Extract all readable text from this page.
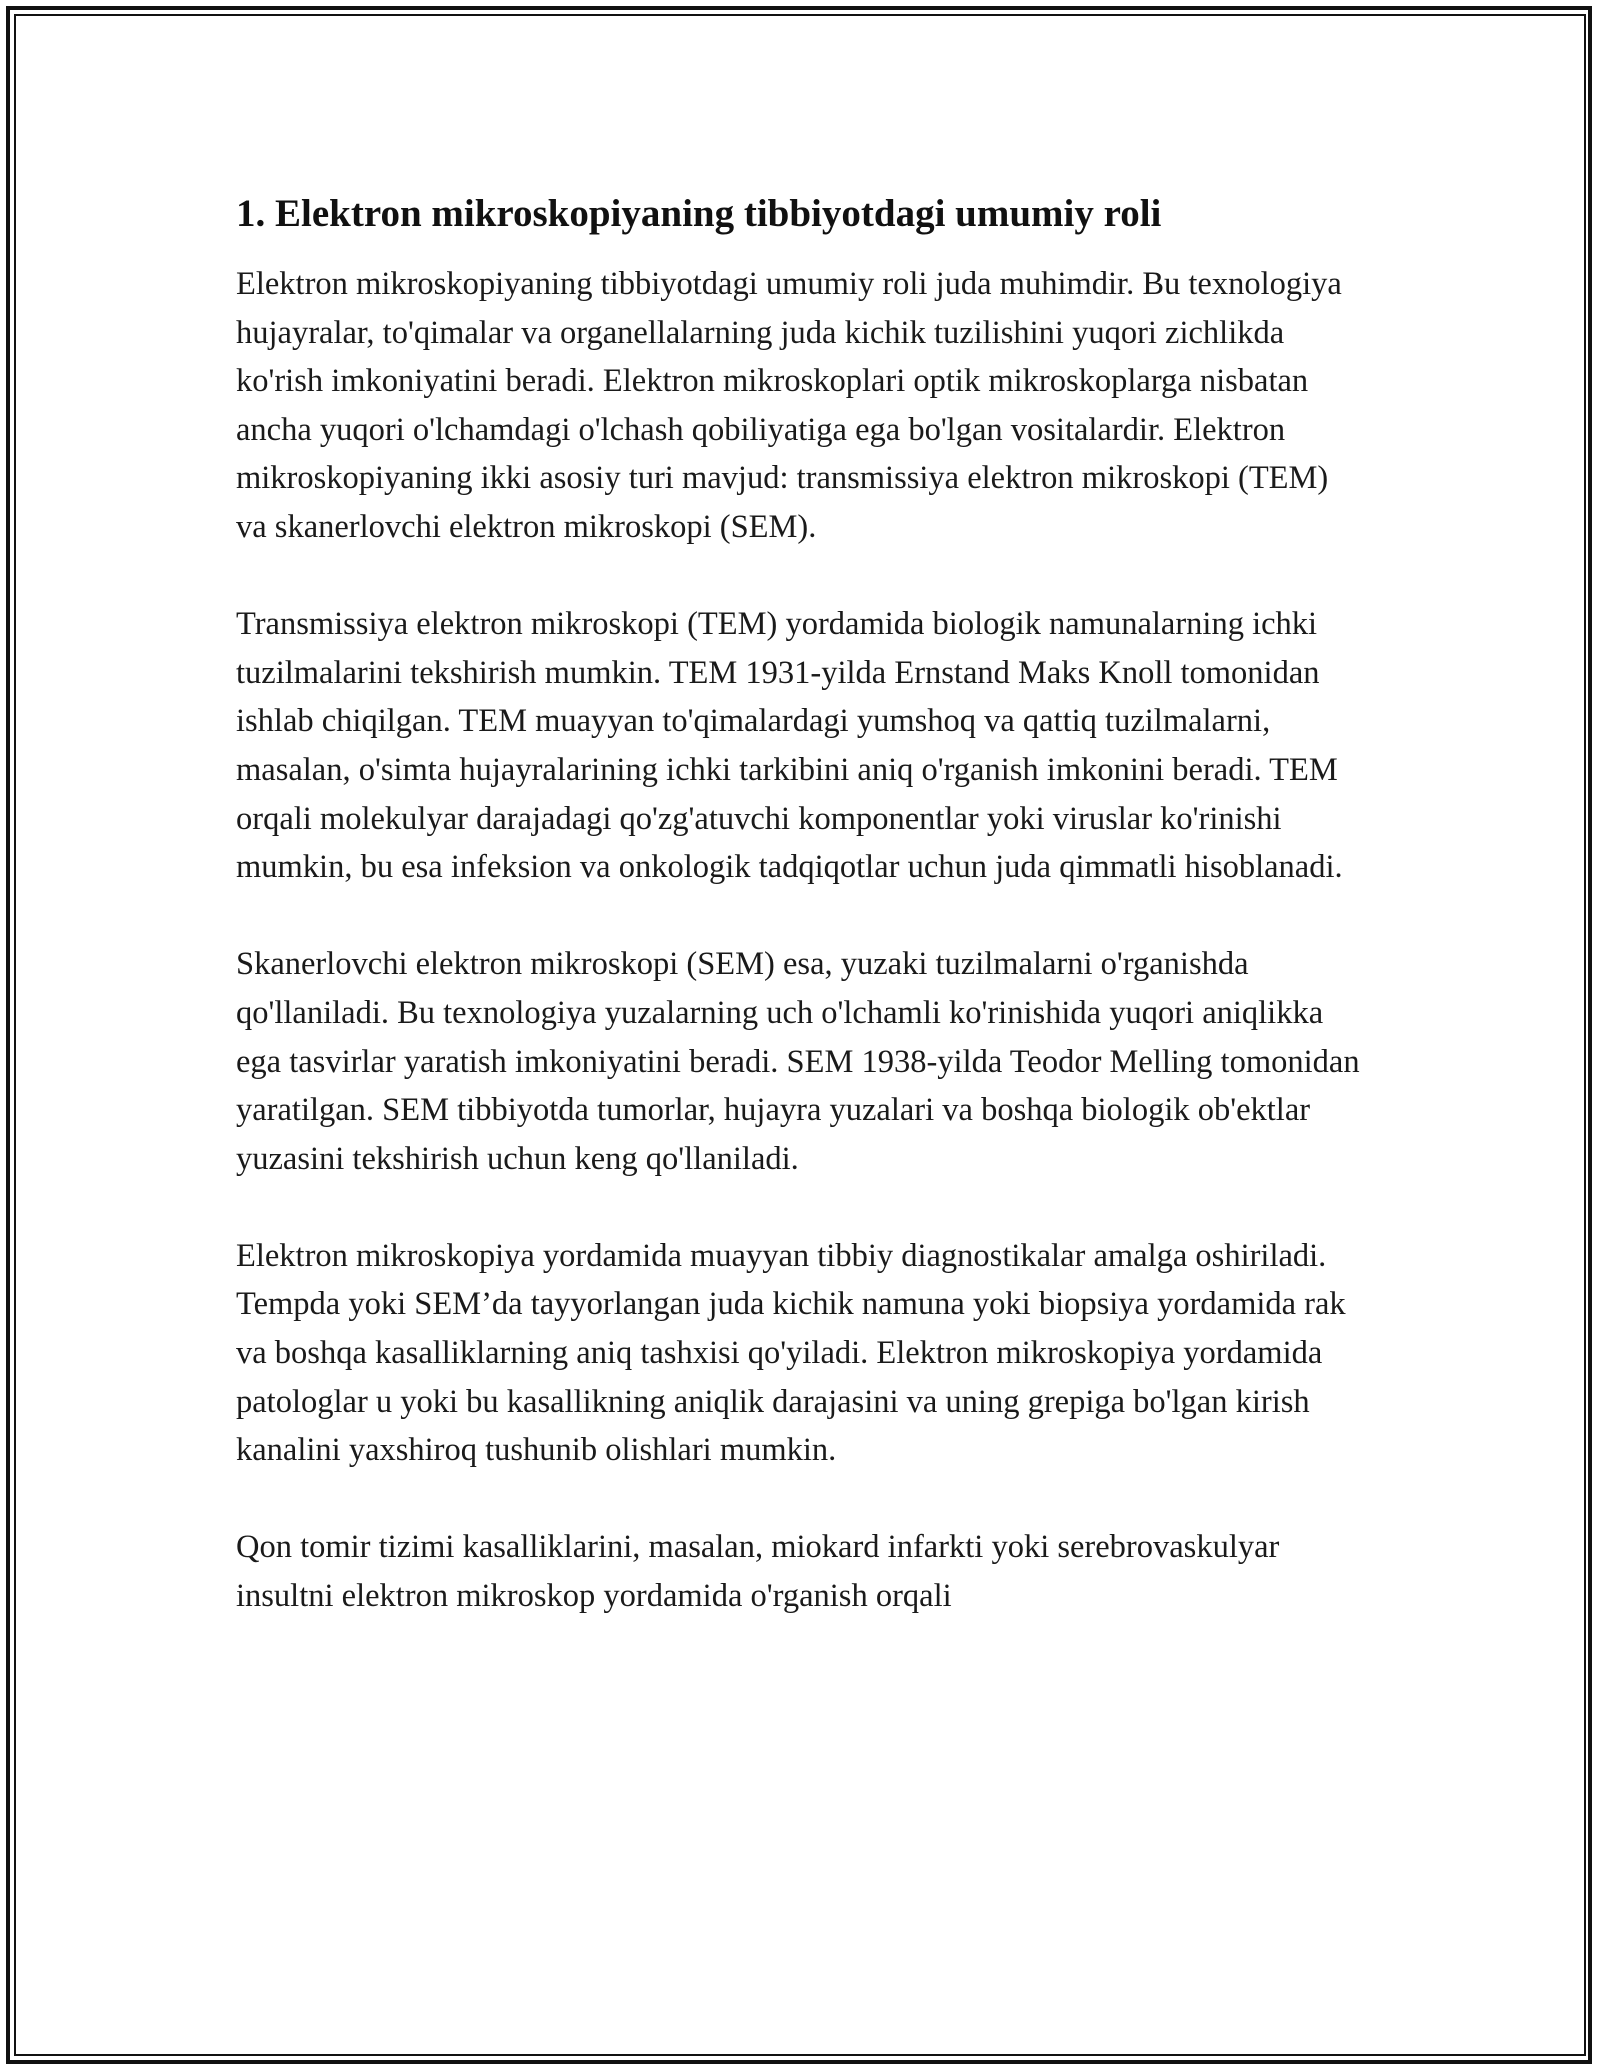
1. Elektron mikroskopiyaning tibbiyotdagi umumiy roli

Elektron mikroskopiyaning tibbiyotdagi umumiy roli juda muhimdir. Bu texnologiya hujayralar, to'qimalar va organellalarning juda kichik tuzilishini yuqori zichlikda ko'rish imkoniyatini beradi. Elektron mikroskoplari optik mikroskoplarga nisbatan ancha yuqori o'lchamdagi o'lchash qobiliyatiga ega bo'lgan vositalardir. Elektron mikroskopiyaning ikki asosiy turi mavjud: transmissiya elektron mikroskopi (TEM) va skanerlovchi elektron mikroskopi (SEM).

Transmissiya elektron mikroskopi (TEM) yordamida biologik namunalarning ichki tuzilmalarini tekshirish mumkin. TEM 1931-yilda Ernstand Maks Knoll tomonidan ishlab chiqilgan. TEM muayyan to'qimalardagi yumshoq va qattiq tuzilmalarni, masalan, o'simta hujayralarining ichki tarkibini aniq o'rganish imkonini beradi. TEM orqali molekulyar darajadagi qo'zg'atuvchi komponentlar yoki viruslar ko'rinishi mumkin, bu esa infeksion va onkologik tadqiqotlar uchun juda qimmatli hisoblanadi.

Skanerlovchi elektron mikroskopi (SEM) esa, yuzaki tuzilmalarni o'rganishda qo'llaniladi. Bu texnologiya yuzalarning uch o'lchamli ko'rinishida yuqori aniqlikka ega tasvirlar yaratish imkoniyatini beradi. SEM 1938-yilda Teodor Melling tomonidan yaratilgan. SEM tibbiyotda tumorlar, hujayra yuzalari va boshqa biologik ob'ektlar yuzasini tekshirish uchun keng qo'llaniladi.

Elektron mikroskopiya yordamida muayyan tibbiy diagnostikalar amalga oshiriladi. Tempda yoki SEM’da tayyorlangan juda kichik namuna yoki biopsiya yordamida rak va boshqa kasalliklarning aniq tashxisi qo'yiladi. Elektron mikroskopiya yordamida patologlar u yoki bu kasallikning aniqlik darajasini va uning grepiga bo'lgan kirish kanalini yaxshiroq tushunib olishlari mumkin.

Qon tomir tizimi kasalliklarini, masalan, miokard infarkti yoki serebrovaskulyar insultni elektron mikroskop yordamida o'rganish orqali
